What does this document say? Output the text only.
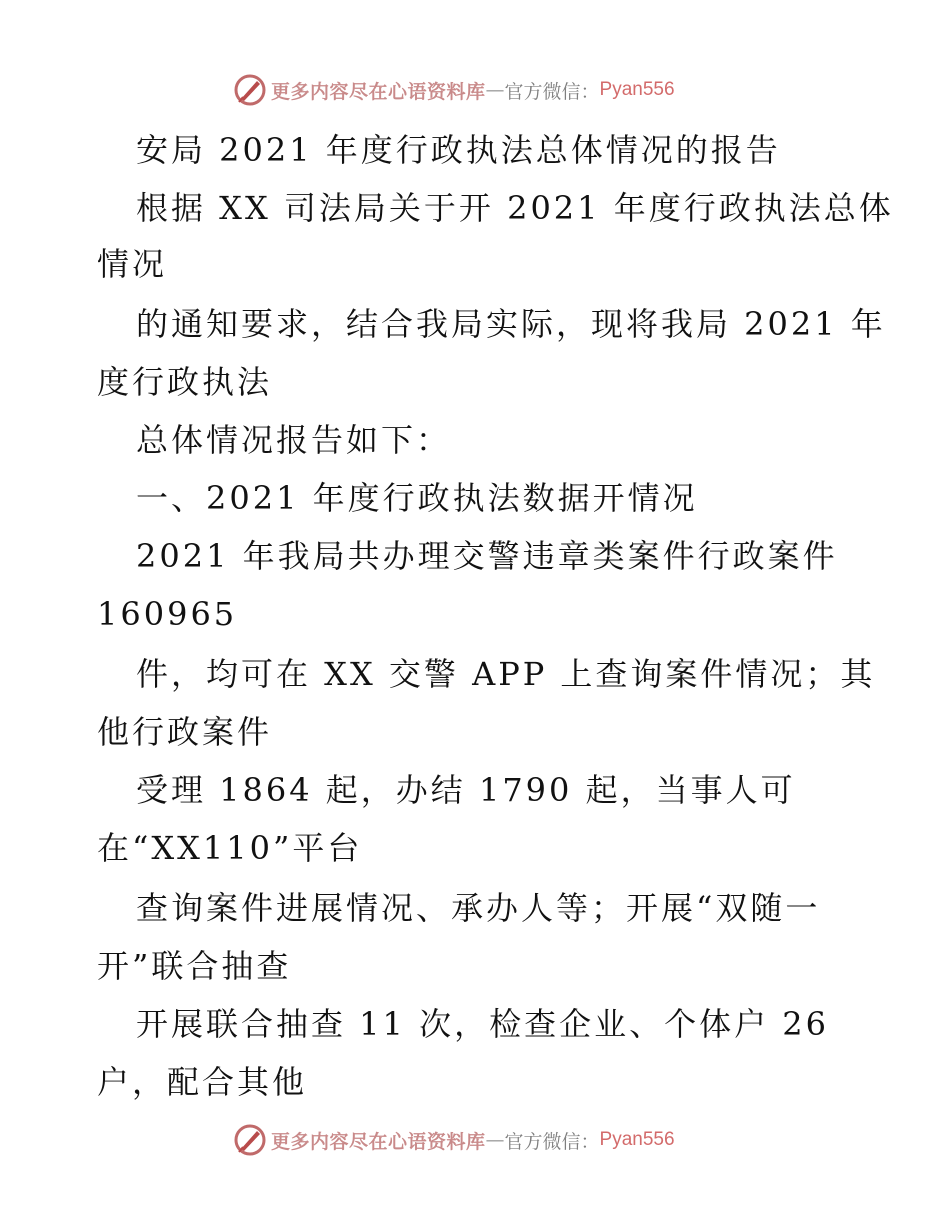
更多内容尽在心语资料库 — 官方微信： Pyan556
安局 2021 年度行政执法总体情况的报告
根据 XX 司法局关于开 2021 年度行政执法总体
情况
的通知要求，结合我局实际，现将我局 2021 年
度行政执法
总体情况报告如下：
一、2021 年度行政执法数据开情况
2021 年我局共办理交警违章类案件行政案件
160965
件，均可在 XX 交警 APP 上查询案件情况；其
他行政案件
受理 1864 起，办结 1790 起，当事人可
在“XX110”平台
查询案件进展情况、承办人等；开展“双随一
开”联合抽查
开展联合抽查 11 次，检查企业、个体户 26
户，配合其他
更多内容尽在心语资料库 — 官方微信： Pyan556
